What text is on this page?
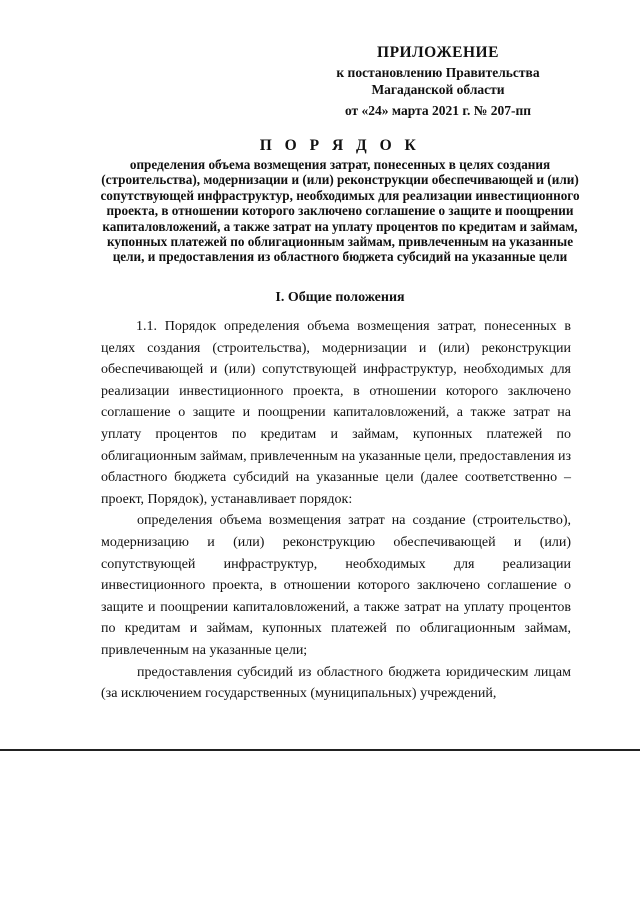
ПРИЛОЖЕНИЕ
к постановлению Правительства
Магаданской области
от «24» марта 2021 г. № 207-пп
П О Р Я Д О К
определения объема возмещения затрат, понесенных в целях создания (строительства), модернизации и (или) реконструкции обеспечивающей и (или) сопутствующей инфраструктур, необходимых для реализации инвестиционного проекта, в отношении которого заключено соглашение о защите и поощрении капиталовложений, а также затрат на уплату процентов по кредитам и займам, купонных платежей по облигационным займам, привлеченным на указанные цели, и предоставления из областного бюджета субсидий на указанные цели
I. Общие положения

1.1. Порядок определения объема возмещения затрат, понесенных в целях создания (строительства), модернизации и (или) реконструкции обеспечивающей и (или) сопутствующей инфраструктур, необходимых для реализации инвестиционного проекта, в отношении которого заключено соглашение о защите и поощрении капиталовложений, а также затрат на уплату процентов по кредитам и займам, купонных платежей по облигационным займам, привлеченным на указанные цели, предоставления из областного бюджета субсидий на указанные цели (далее соответственно – проект, Порядок), устанавливает порядок:

определения объема возмещения затрат на создание (строительство), модернизацию и (или) реконструкцию обеспечивающей и (или) сопутствующей инфраструктур, необходимых для реализации инвестиционного проекта, в отношении которого заключено соглашение о защите и поощрении капиталовложений, а также затрат на уплату процентов по кредитам и займам, купонных платежей по облигационным займам, привлеченным на указанные цели;

предоставления субсидий из областного бюджета юридическим лицам (за исключением государственных (муниципальных) учреждений,
